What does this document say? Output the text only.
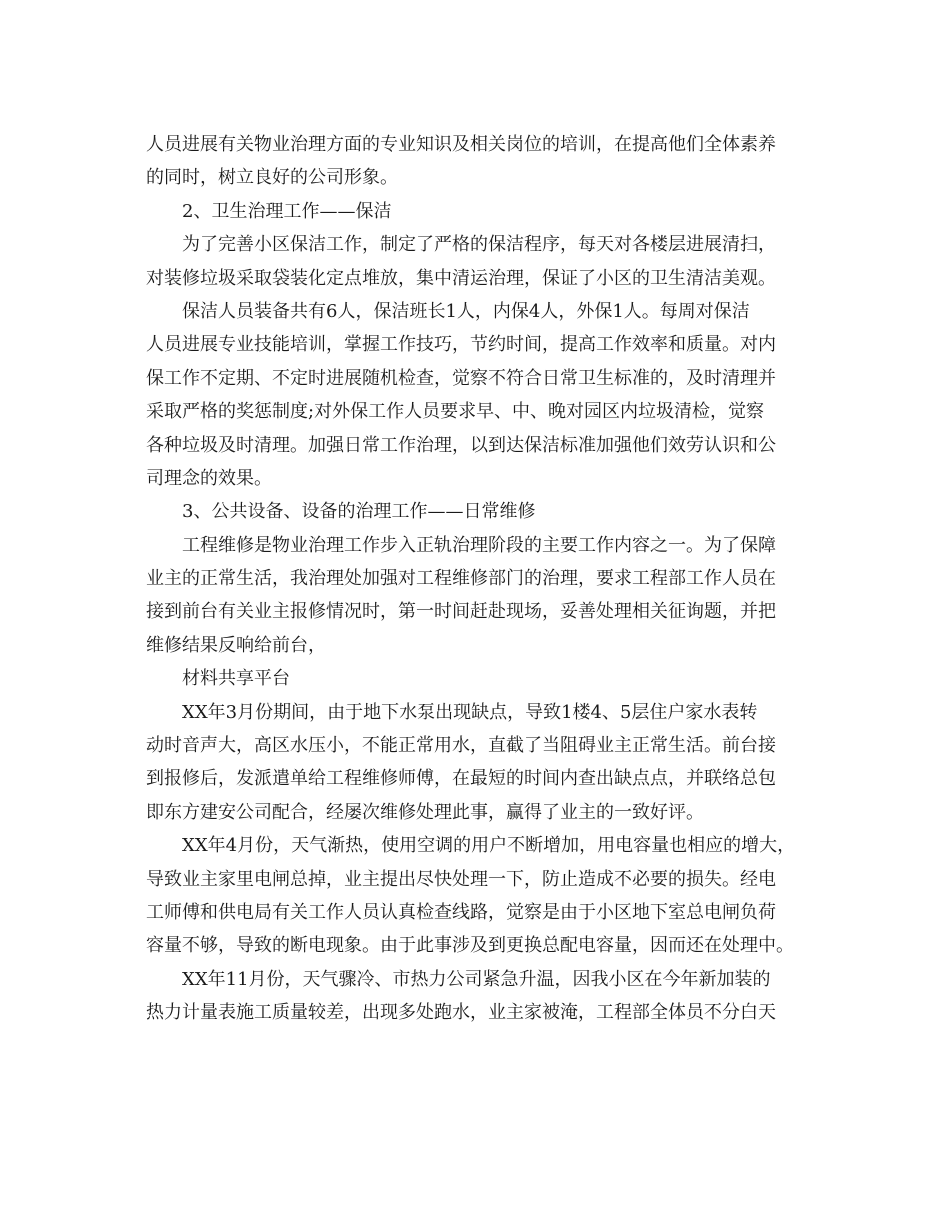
人员进展有关物业治理方面的专业知识及相关岗位的培训，在提高他们全体素养
的同时，树立良好的公司形象。
2、卫生治理工作——保洁
为了完善小区保洁工作，制定了严格的保洁程序，每天对各楼层进展清扫，
对装修垃圾采取袋装化定点堆放，集中清运治理，保证了小区的卫生清洁美观。
保洁人员装备共有6人，保洁班长1人，内保4人，外保1人。每周对保洁
人员进展专业技能培训，掌握工作技巧，节约时间，提高工作效率和质量。对内
保工作不定期、不定时进展随机检查，觉察不符合日常卫生标准的，及时清理并
采取严格的奖惩制度;对外保工作人员要求早、中、晚对园区内垃圾清检，觉察
各种垃圾及时清理。加强日常工作治理，以到达保洁标准加强他们效劳认识和公
司理念的效果。
3、公共设备、设备的治理工作——日常维修
工程维修是物业治理工作步入正轨治理阶段的主要工作内容之一。为了保障
业主的正常生活，我治理处加强对工程维修部门的治理，要求工程部工作人员在
接到前台有关业主报修情况时，第一时间赶赴现场，妥善处理相关征询题，并把
维修结果反响给前台，
材料共享平台
XX年3月份期间，由于地下水泵出现缺点，导致1楼4、5层住户家水表转
动时音声大，高区水压小，不能正常用水，直截了当阻碍业主正常生活。前台接
到报修后，发派遣单给工程维修师傅，在最短的时间内查出缺点点，并联络总包
即东方建安公司配合，经屡次维修处理此事，赢得了业主的一致好评。
XX年4月份，天气渐热，使用空调的用户不断增加，用电容量也相应的增大，
导致业主家里电闸总掉，业主提出尽快处理一下，防止造成不必要的损失。经电
工师傅和供电局有关工作人员认真检查线路，觉察是由于小区地下室总电闸负荷
容量不够，导致的断电现象。由于此事涉及到更换总配电容量，因而还在处理中。
XX年11月份，天气骤冷、市热力公司紧急升温，因我小区在今年新加装的
热力计量表施工质量较差，出现多处跑水，业主家被淹，工程部全体员不分白天
